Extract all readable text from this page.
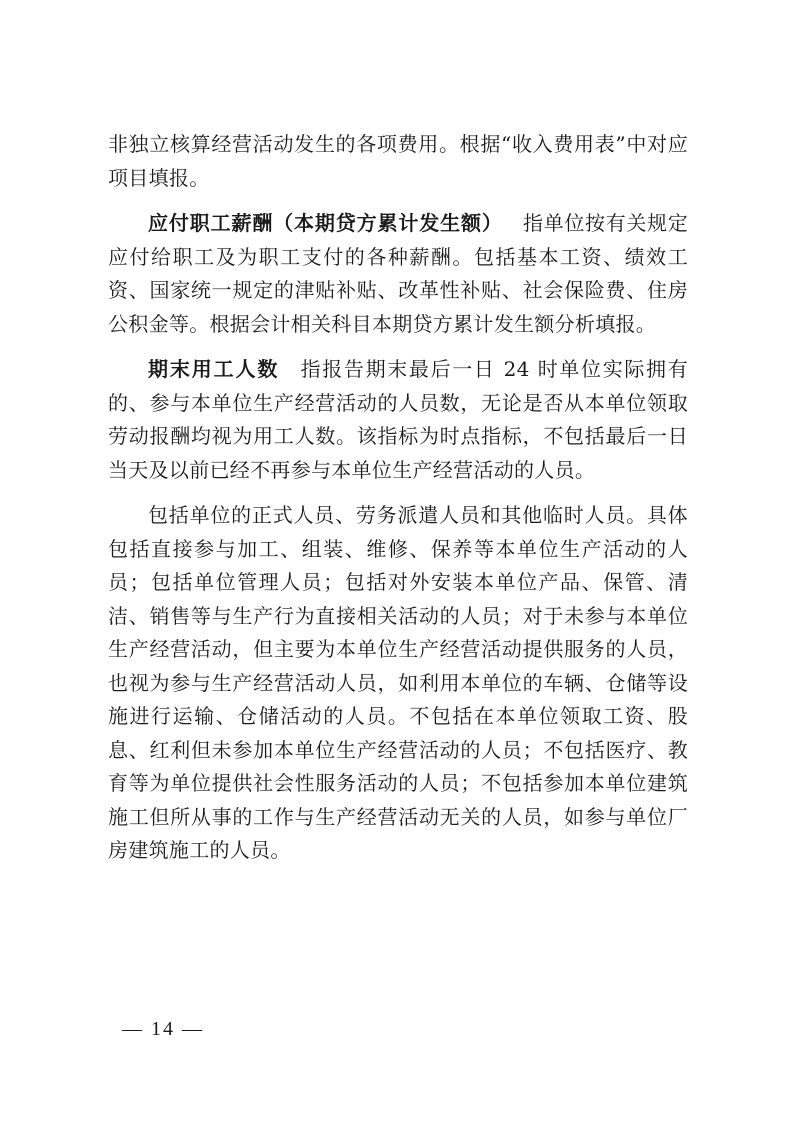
非独立核算经营活动发生的各项费用。根据“收入费用表”中对应项目填报。

应付职工薪酬（本期贷方累计发生额） 指单位按有关规定应付给职工及为职工支付的各种薪酬。包括基本工资、绩效工资、国家统一规定的津贴补贴、改革性补贴、社会保险费、住房公积金等。根据会计相关科目本期贷方累计发生额分析填报。

期末用工人数 指报告期末最后一日 24 时单位实际拥有的、参与本单位生产经营活动的人员数，无论是否从本单位领取劳动报酬均视为用工人数。该指标为时点指标，不包括最后一日当天及以前已经不再参与本单位生产经营活动的人员。

包括单位的正式人员、劳务派遣人员和其他临时人员。具体包括直接参与加工、组装、维修、保养等本单位生产活动的人员；包括单位管理人员；包括对外安装本单位产品、保管、清洁、销售等与生产行为直接相关活动的人员；对于未参与本单位生产经营活动，但主要为本单位生产经营活动提供服务的人员，也视为参与生产经营活动人员，如利用本单位的车辆、仓储等设施进行运输、仓储活动的人员。不包括在本单位领取工资、股息、红利但未参加本单位生产经营活动的人员；不包括医疗、教育等为单位提供社会性服务活动的人员；不包括参加本单位建筑施工但所从事的工作与生产经营活动无关的人员，如参与单位厂房建筑施工的人员。

— 14 —
